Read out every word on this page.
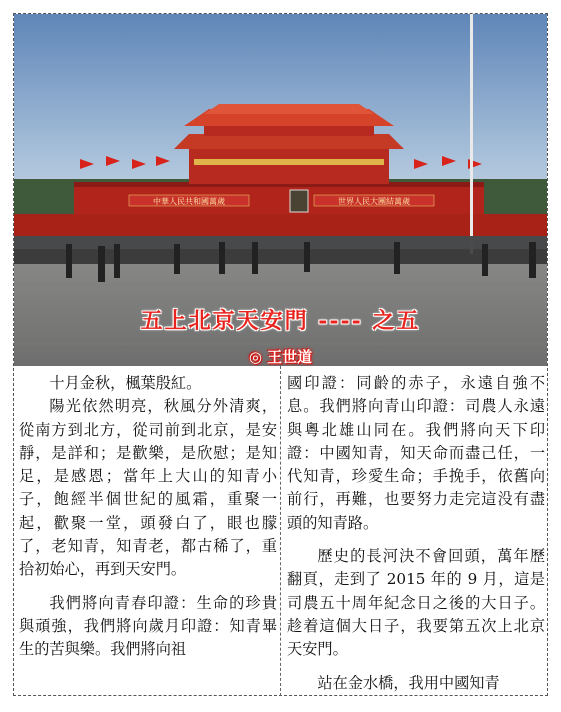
中華人民共和國萬歲	世界人民大團結萬歲
五上北京天安門 ---- 之五
◎ 王世道

十月金秋，楓葉殷紅。

陽光依然明亮，秋風分外清爽，從南方到北方，從司前到北京，是安靜，是詳和；是歡樂，是欣慰；是知足，是感恩；當年上大山的知青小子，飽經半個世紀的風霜，重聚一起，歡聚一堂，頭發白了，眼也朦了，老知青，知青老，都古稀了，重拾初始心，再到天安門。

我們將向青春印證：生命的珍貴與頑強，我們將向歲月印證：知青畢生的苦與樂。我們將向祖

國印證：同齡的赤子，永遠自強不息。我們將向青山印證：司農人永遠與粵北雄山同在。我們將向天下印證：中國知青，知天命而盡己任，一代知青，珍愛生命；手挽手，依舊向前行，再難，也要努力走完這没有盡頭的知青路。

歷史的長河決不會回頭，萬年歷翻頁，走到了 2015 年的 9 月，這是司農五十周年紀念日之後的大日子。趁着這個大日子，我要第五次上北京天安門。

站在金水橋，我用中國知青
